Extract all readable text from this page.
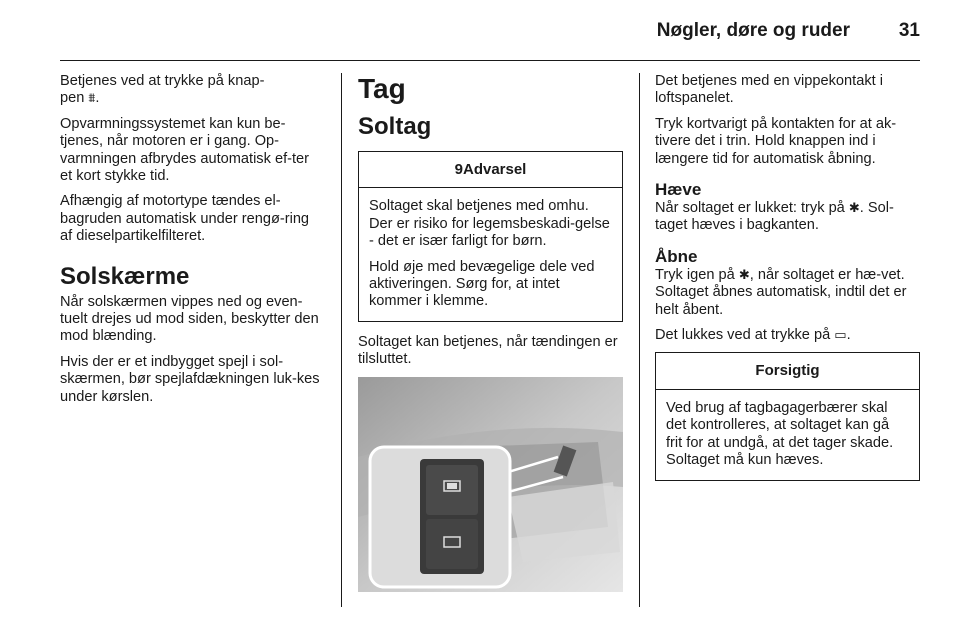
Nøgler, døre og ruder	31

Betjenes ved at trykke på knap-
pen ⩩.

Opvarmningssystemet kan kun be-tjenes, når motoren er i gang. Op-varmningen afbrydes automatisk ef-ter et kort stykke tid.

Afhængig af motortype tændes el-bagruden automatisk under rengø-ring af dieselpartikelfilteret.

Solskærme

Når solskærmen vippes ned og even-tuelt drejes ud mod siden, beskytter den mod blænding.

Hvis der er et indbygget spejl i sol-skærmen, bør spejlafdækningen luk-kes under kørslen.

Tag
Soltag
9Advarsel

Soltaget skal betjenes med omhu. Der er risiko for legemsbeskadi-gelse - det er især farligt for børn.

Hold øje med bevægelige dele ved aktiveringen. Sørg for, at intet kommer i klemme.

Soltaget kan betjenes, når tændingen er tilsluttet.

Det betjenes med en vippekontakt i loftspanelet.

Tryk kortvarigt på kontakten for at ak-tivere det i trin. Hold knappen ind i længere tid for automatisk åbning.

Hæve

Når soltaget er lukket: tryk på ✱. Sol-taget hæves i bagkanten.

Åbne

Tryk igen på ✱, når soltaget er hæ-vet. Soltaget åbnes automatisk, indtil det er helt åbent.

Det lukkes ved at trykke på ▭.

Forsigtig

Ved brug af tagbagagerbærer skal det kontrolleres, at soltaget kan gå frit for at undgå, at det tager skade. Soltaget må kun hæves.
